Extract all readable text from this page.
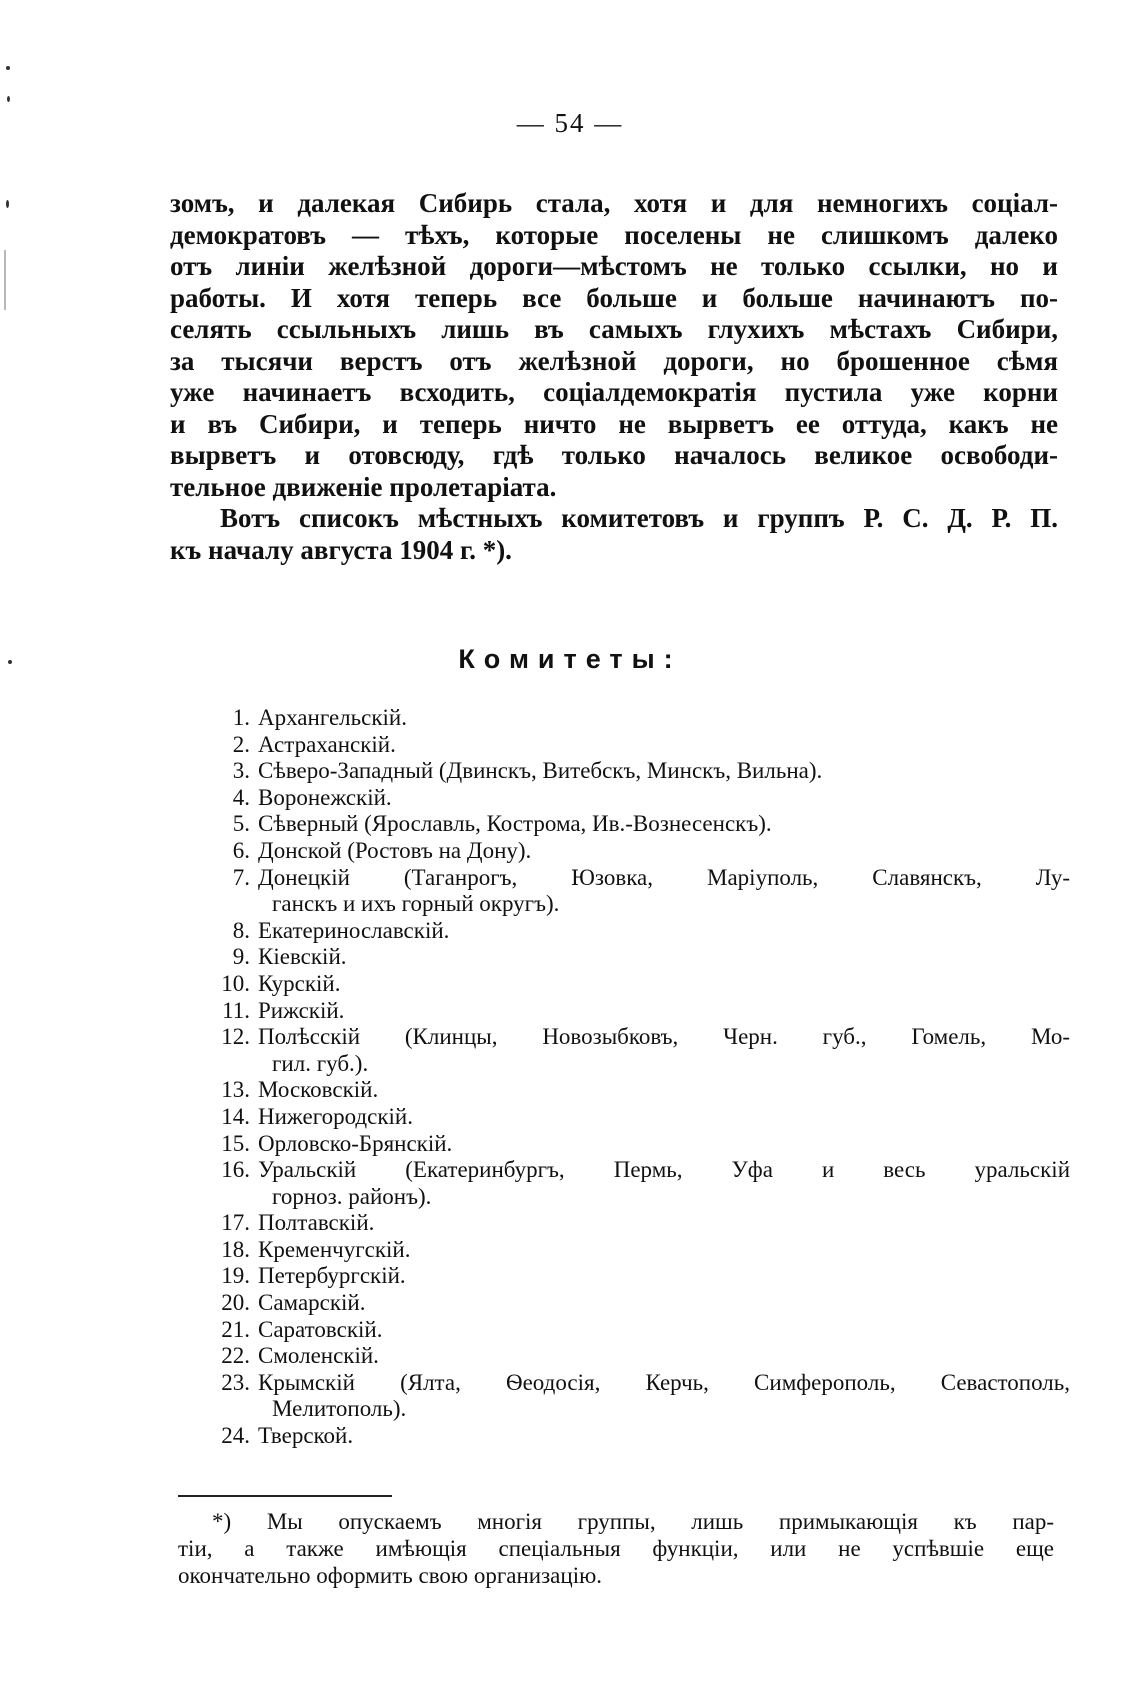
— 54 —
зомъ, и далекая Сибирь стала, хотя и для немногихъ соціал-
демократовъ — тѣхъ, которые поселены не слишкомъ далеко
отъ линіи желѣзной дороги—мѣстомъ не только ссылки, но и
работы. И хотя теперь все больше и больше начинаютъ по-
селять ссыльныхъ лишь въ самыхъ глухихъ мѣстахъ Сибири,
за тысячи верстъ отъ желѣзной дороги, но брошенное сѣмя
уже начинаетъ всходить, соціалдемократія пустила уже корни
и въ Сибири, и теперь ничто не вырветъ ее оттуда, какъ не
вырветъ и отовсюду, гдѣ только началось великое освободи-
тельное движеніе пролетаріата.
Вотъ списокъ мѣстныхъ комитетовъ и группъ Р. С. Д. Р. П.
къ началу августа 1904 г. *).
Комитеты:
1. Архангельскій.
2. Астраханскій.
3. Сѣверо-Западный (Двинскъ, Витебскъ, Минскъ, Вильна).
4. Воронежскій.
5. Сѣверный (Ярославль, Кострома, Ив.-Вознесенскъ).
6. Донской (Ростовъ на Дону).
7. Донецкій (Таганрогъ, Юзовка, Маріуполь, Славянскъ, Лу-
ганскъ и ихъ горный округъ).
8. Екатеринославскій.
9. Кіевскій.
10. Курскій.
11. Рижскій.
12. Полѣсскій (Клинцы, Новозыбковъ, Черн. губ., Гомель, Мо-
гил. губ.).
13. Московскій.
14. Нижегородскій.
15. Орловско-Брянскій.
16. Уральскій (Екатеринбургъ, Пермь, Уфа и весь уральскій
горноз. районъ).
17. Полтавскій.
18. Кременчугскій.
19. Петербургскій.
20. Самарскій.
21. Саратовскій.
22. Смоленскій.
23. Крымскій (Ялта, Ѳеодосія, Керчь, Симферополь, Севастополь,
Мелитополь).
24. Тверской.
*) Мы опускаемъ многія группы, лишь примыкающія къ пар-
тіи, а также имѣющія спеціальныя функціи, или не успѣвшіе еще
окончательно оформить свою организацію.
